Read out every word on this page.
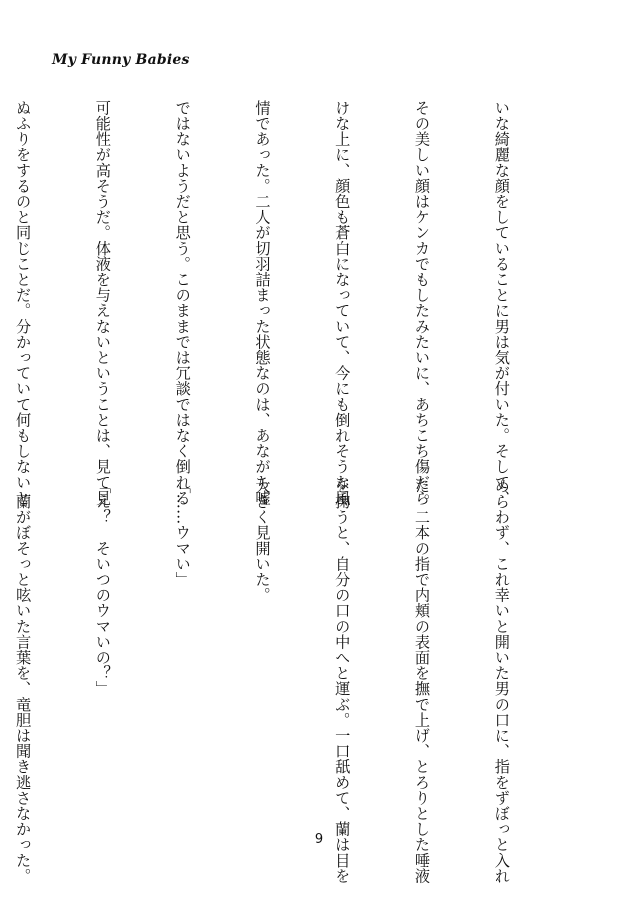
My Funny Babies

いな綺麗な顔をしていることに男は気が付いた。そして、

その美しい顔はケンカでもしたみたいに、あちこち傷だら

けな上に、顔色も蒼白になっていて、今にも倒れそうな風

情であった。二人が切羽詰まった状態なのは、あながち嘘

ではないようだと思う。このままでは冗談ではなく倒れる

可能性が高そうだ。体液を与えないということは、見て見

ぬふりをするのと同じことだ。分かっていて何もしないと

めらわず、これ幸いと開いた男の口に、指をずぼっと入れ

た。二本の指で内頬の表面を撫で上げ、とろりとした唾液

を掬うと、自分の口の中へと運ぶ。一口舐めて、蘭は目を

大きく見開いた。

「……ウマい」

「え？　そいつのウマいの？」

　蘭がぼそっと呟いた言葉を、竜胆は聞き逃さなかった。

	9
